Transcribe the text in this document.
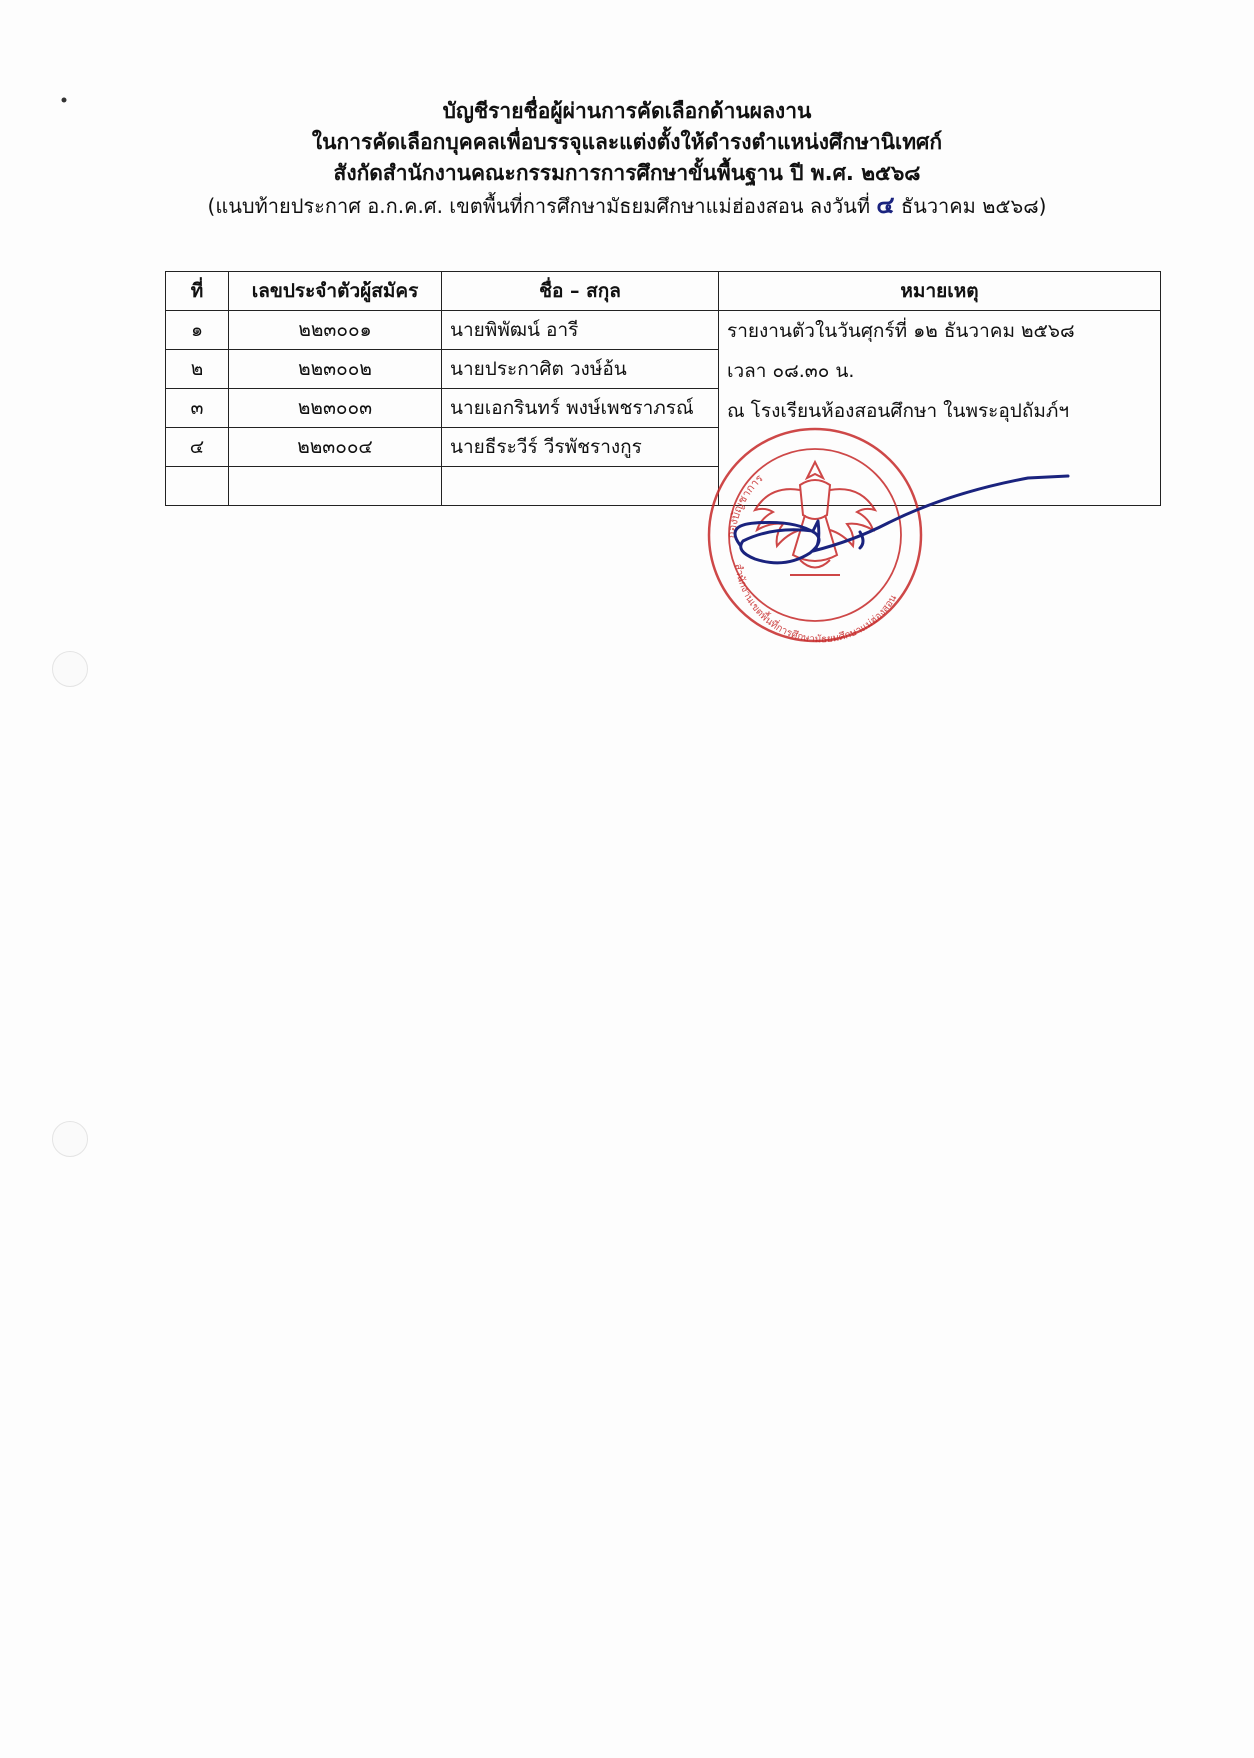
บัญชีรายชื่อผู้ผ่านการคัดเลือกด้านผลงาน
ในการคัดเลือกบุคคลเพื่อบรรจุและแต่งตั้งให้ดำรงตำแหน่งศึกษานิเทศก์
สังกัดสำนักงานคณะกรรมการการศึกษาขั้นพื้นฐาน ปี พ.ศ. ๒๕๖๘
(แนบท้ายประกาศ อ.ก.ค.ศ. เขตพื้นที่การศึกษามัธยมศึกษาแม่ฮ่องสอน ลงวันที่ ๔ ธันวาคม ๒๕๖๘)
ที่	เลขประจำตัวผู้สมัคร	ชื่อ – สกุล	หมายเหตุ
๑	๒๒๓๐๐๑	นายพิพัฒน์ อารี	รายงานตัวในวันศุกร์ที่ ๑๒ ธันวาคม ๒๕๖๘
เวลา ๐๘.๓๐ น.
ณ โรงเรียนห้องสอนศึกษา ในพระอุปถัมภ์ฯ

๒	๒๒๓๐๐๒	นายประกาศิต วงษ์อ้น	
๓	๒๒๓๐๐๓	นายเอกรินทร์ พงษ์เพชราภรณ์	
๔	๒๒๓๐๐๔	นายธีระวีร์ วีรพัชรางกูร	

กองบัญชาการ
สำนักงานเขตพื้นที่การศึกษามัธยมศึกษาแม่ฮ่องสอน
